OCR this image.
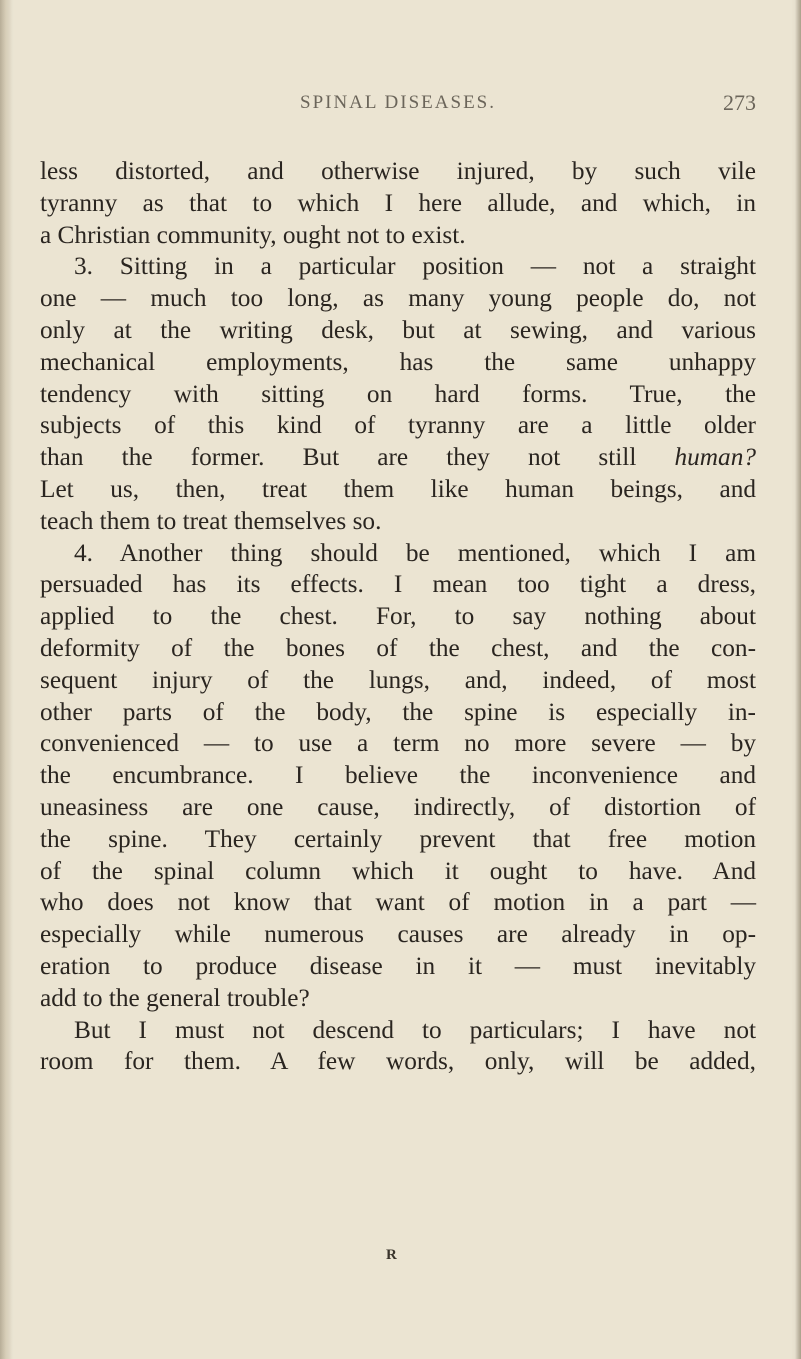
SPINAL DISEASES.	273
less distorted, and otherwise injured, by such vile
tyranny as that to which I here allude, and which, in
a Christian community, ought not to exist.
3. Sitting in a particular position — not a straight
one — much too long, as many young people do, not
only at the writing desk, but at sewing, and various
mechanical employments, has the same unhappy
tendency with sitting on hard forms. True, the
subjects of this kind of tyranny are a little older
than the former. But are they not still human?
Let us, then, treat them like human beings, and
teach them to treat themselves so.
4. Another thing should be mentioned, which I am
persuaded has its effects. I mean too tight a dress,
applied to the chest. For, to say nothing about
deformity of the bones of the chest, and the con-
sequent injury of the lungs, and, indeed, of most
other parts of the body, the spine is especially in-
convenienced — to use a term no more severe — by
the encumbrance. I believe the inconvenience and
uneasiness are one cause, indirectly, of distortion of
the spine. They certainly prevent that free motion
of the spinal column which it ought to have. And
who does not know that want of motion in a part —
especially while numerous causes are already in op-
eration to produce disease in it — must inevitably
add to the general trouble?
But I must not descend to particulars; I have not
room for them. A few words, only, will be added,
R
